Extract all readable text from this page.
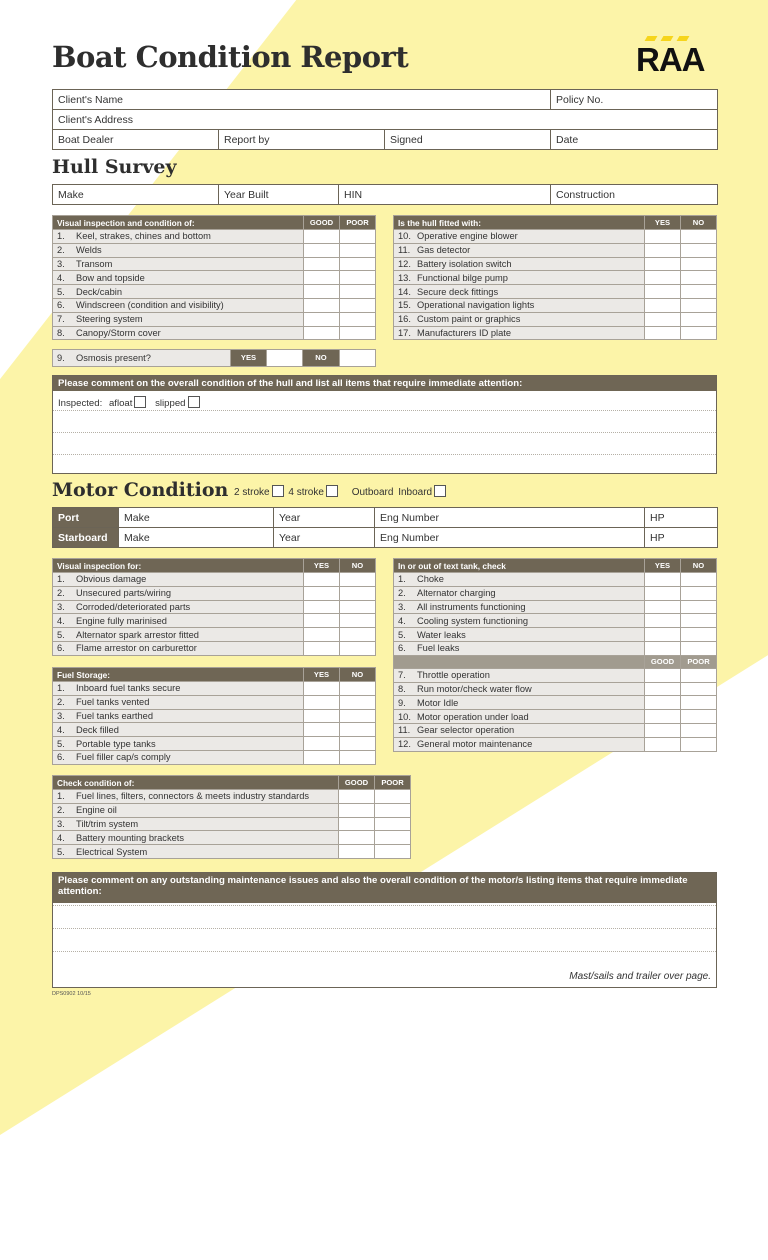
Boat Condition Report	RAA
Client's Name			Policy No.
Client's Address			
Boat Dealer	Report by	Signed	Date
Hull Survey
Make	Year Built	HIN	Construction
Visual inspection and condition of:	GOOD	POOR
1. Keel, strakes, chines and bottom		
2. Welds		
3. Transom		
4. Bow and topside		
5. Deck/cabin		
6. Windscreen (condition and visibility)		
7. Steering system		
8. Canopy/Storm cover		
Is the hull fitted with:	YES	NO
10. Operative engine blower		
11. Gas detector		
12. Battery isolation switch		
13. Functional bilge pump		
14. Secure deck fittings		
15. Operational navigation lights		
16. Custom paint or graphics		
17. Manufacturers ID plate		
9. Osmosis present?	YES		NO	
Please comment on the overall condition of the hull and list all items that require immediate attention:
Inspected: afloat slipped
Motor Condition 2 stroke 4 stroke	Outboard Inboard
Port	Make	Year	Eng Number	HP
Starboard	Make	Year	Eng Number	HP
Visual inspection for:	YES	NO
1. Obvious damage		
2. Unsecured parts/wiring		
3. Corroded/deteriorated parts		
4. Engine fully marinised		
5. Alternator spark arrestor fitted		
6. Flame arrestor on carburettor		
Fuel Storage:	YES	NO
1. Inboard fuel tanks secure		
2. Fuel tanks vented		
3. Fuel tanks earthed		
4. Deck filled		
5. Portable type tanks		
6. Fuel filler cap/s comply		
In or out of text tank, check	YES	NO
1. Choke		
2. Alternator charging		
3. All instruments functioning		
4. Cooling system functioning		
5. Water leaks		
6. Fuel leaks		
	GOOD	POOR
7. Throttle operation		
8. Run motor/check water flow		
9. Motor Idle		
10. Motor operation under load		
11. Gear selector operation		
12. General motor maintenance		
Check condition of:	GOOD	POOR
1. Fuel lines, filters, connectors & meets industry standards		
2. Engine oil		
3. Tilt/trim system		
4. Battery mounting brackets		
5. Electrical System		
Please comment on any outstanding maintenance issues and also the overall condition of the motor/s listing items that require immediate attention:
Mast/sails and trailer over page.
DPS0902 10/15
